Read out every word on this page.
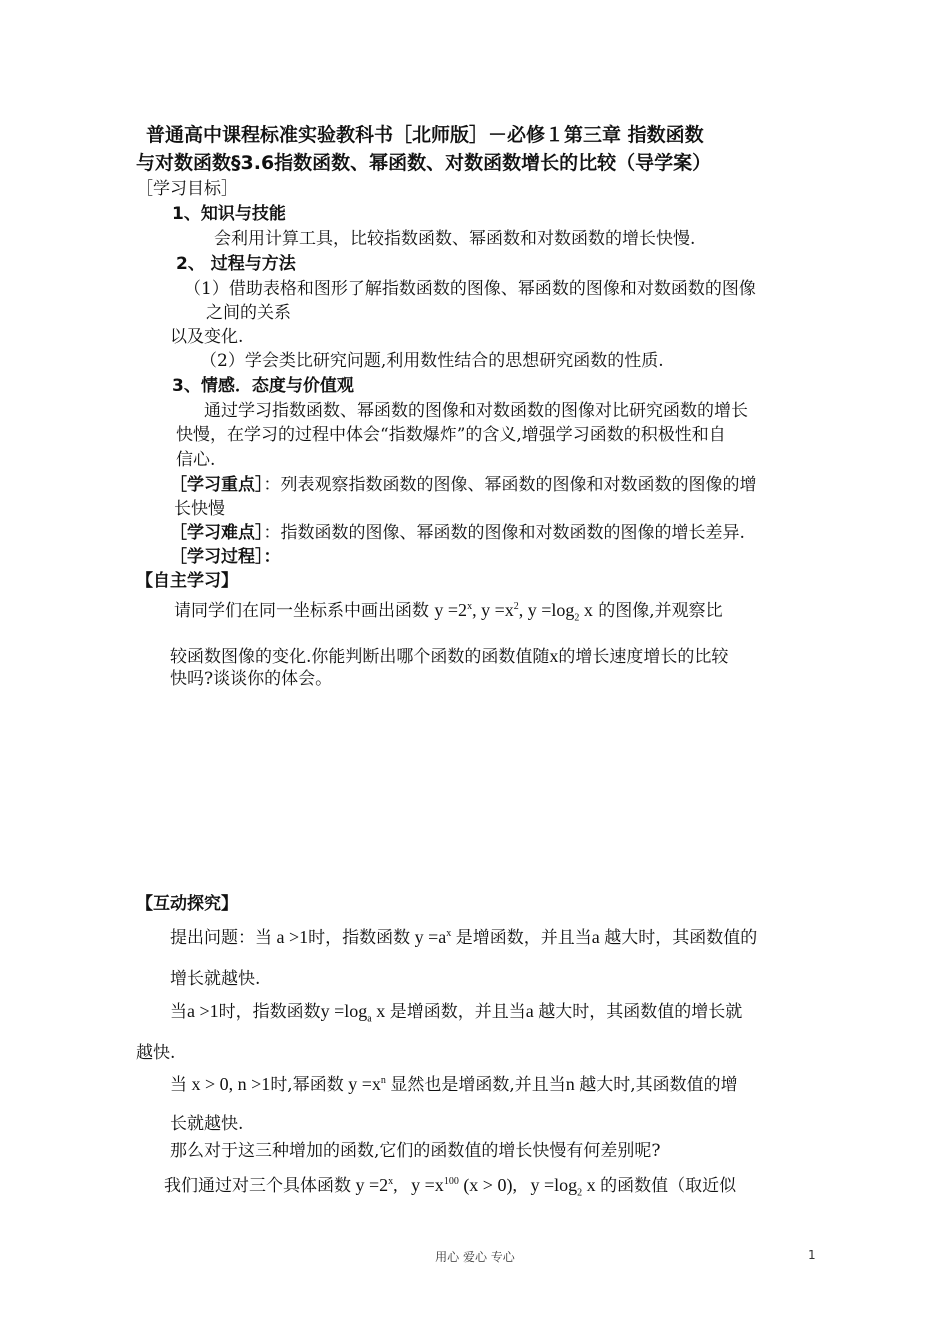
普通高中课程标准实验教科书［北师版］－必修１第三章 指数函数
与对数函数§3.6指数函数、幂函数、对数函数增长的比较（导学案）
［学习目标］
1、知识与技能
会利用计算工具，比较指数函数、幂函数和对数函数的增长快慢.
2、 过程与方法
（1）借助表格和图形了解指数函数的图像、幂函数的图像和对数函数的图像
之间的关系
以及变化.
（2）学会类比研究问题,利用数性结合的思想研究函数的性质.
3、情感．态度与价值观
通过学习指数函数、幂函数的图像和对数函数的图像对比研究函数的增长
快慢，在学习的过程中体会“指数爆炸”的含义,增强学习函数的积极性和自
信心.
［学习重点］：列表观察指数函数的图像、幂函数的图像和对数函数的图像的增
长快慢
［学习难点］：指数函数的图像、幂函数的图像和对数函数的图像的增长差异.
［学习过程］：
【自主学习】
请同学们在同一坐标系中画出函数 $y =2^x$, $y =x^2$, $y =\log_2$ x 的图像,并观察比
较函数图像的变化.你能判断出哪个函数的函数值随x的增长速度增长的比较
快吗?谈谈你的体会。
【互动探究】
提出问题：当 a >1时，指数函数 $y =a^x$ 是增函数，并且当a 越大时，其函数值的
增长就越快.
当a >1时，指数函数$y =\log_a$ x 是增函数，并且当a 越大时，其函数值的增长就
越快.
当 x > 0, n >1时,幂函数 $y =x^n$ 显然也是增函数,并且当n 越大时,其函数值的增
长就越快.
那么对于这三种增加的函数,它们的函数值的增长快慢有何差别呢?
我们通过对三个具体函数 $y =2^x$,   $y =x^{100}$ (x > 0),   $y =\log_2$ x 的函数值（取近似
用心 爱心 专心	1
